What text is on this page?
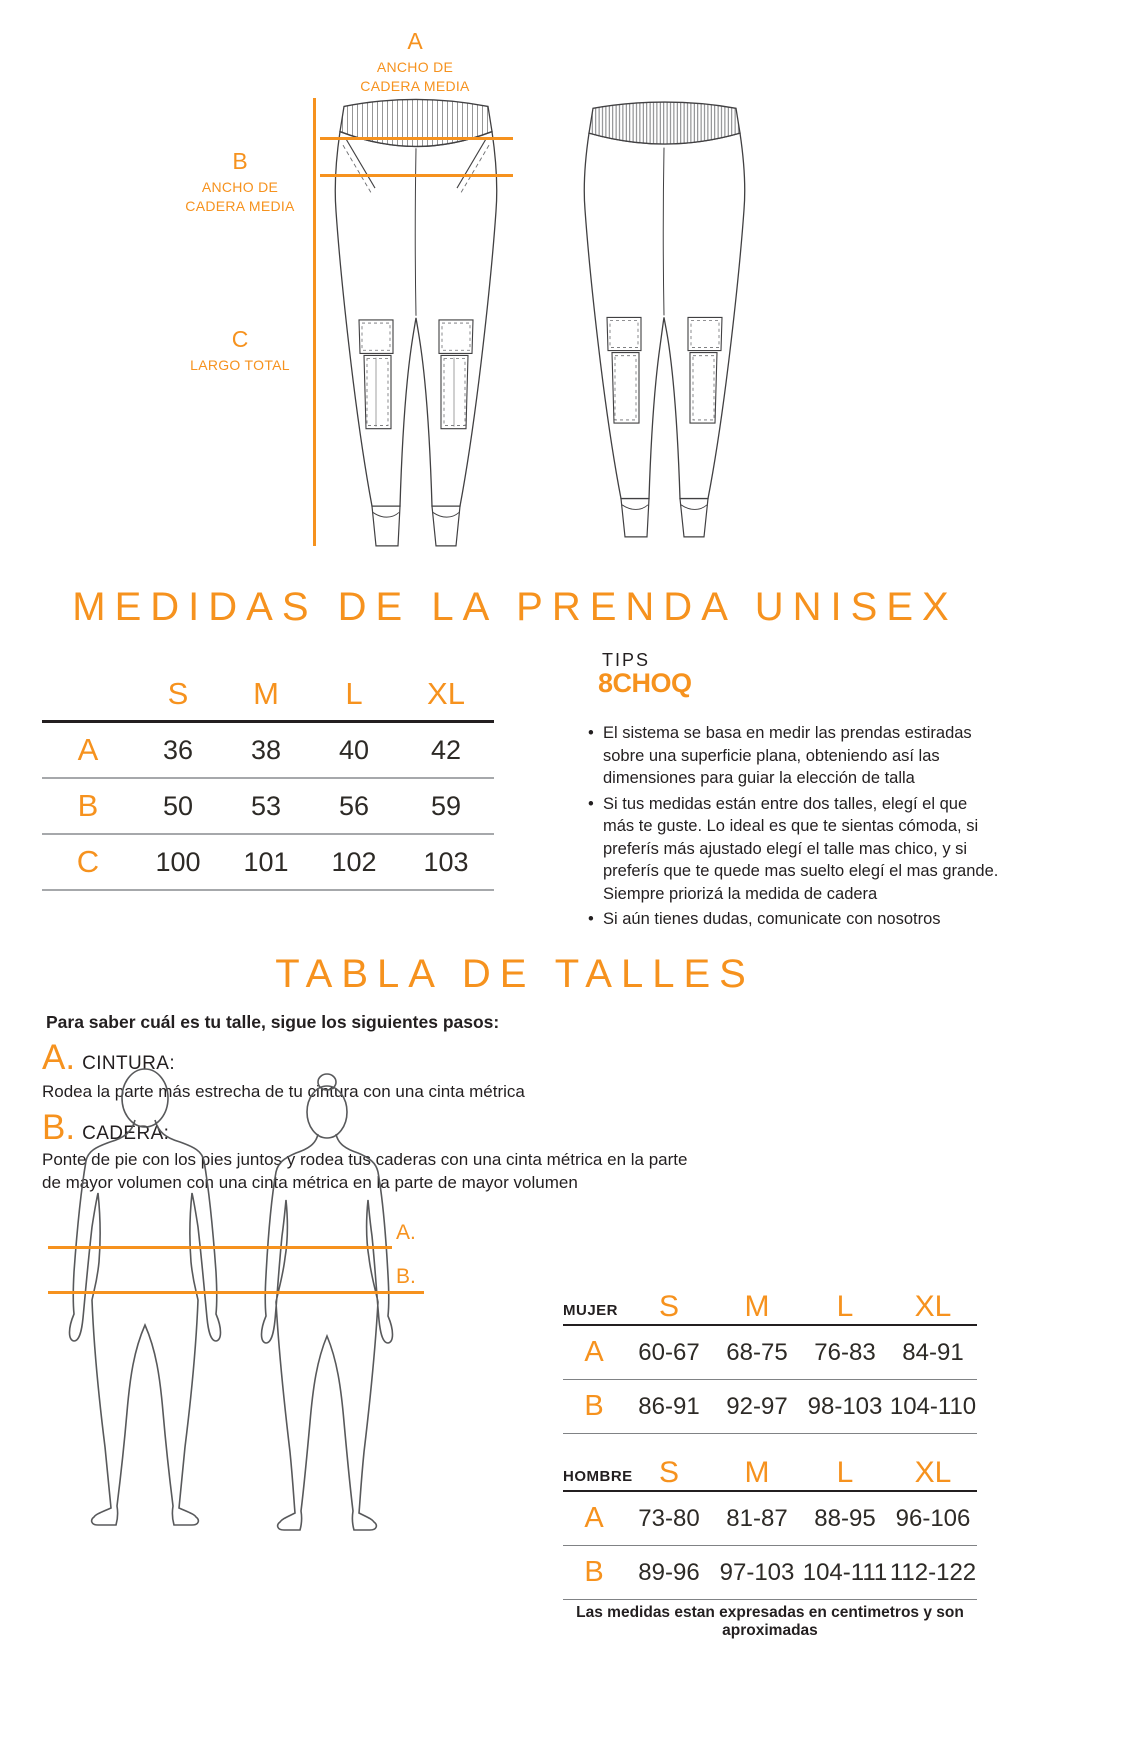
A
ANCHO DE
CADERA MEDIA
B
ANCHO DE
CADERA MEDIA
C
LARGO TOTAL
MEDIDAS DE LA PRENDA UNISEX
S	M	L	XL
A	36	38	40	42
B	50	53	56	59
C	100	101	102	103
TIPS
8CHOQ
• El sistema se basa en medir las prendas estiradas sobre una superficie plana, obteniendo así las dimensiones para guiar la elección de talla
• Si tus medidas están entre dos talles, elegí el que más te guste. Lo ideal es que te sientas cómoda, si preferís más ajustado elegí el talle mas chico, y si preferís que te quede mas suelto elegí el mas grande. Siempre priorizá la medida de cadera
• Si aún tienes dudas, comunicate con nosotros
TABLA DE TALLES
Para saber cuál es tu talle, sigue los siguientes pasos:
A. CINTURA:
Rodea la parte más estrecha de tu cintura con una cinta métrica
B. CADERA:
Ponte de pie con los pies juntos y rodea tus caderas con una cinta métrica en la parte de mayor volumen con una cinta métrica en la parte de mayor volumen
A.
B.
MUJER	S	M	L	XL
A	60-67	68-75	76-83	84-91
B	86-91	92-97 98-103 104-110
HOMBRE S	M	L	XL
A	73-80	81-87	88-95 96-106
B	89-96 97-103 104-111 112-122
Las medidas estan expresadas en centimetros y son aproximadas
